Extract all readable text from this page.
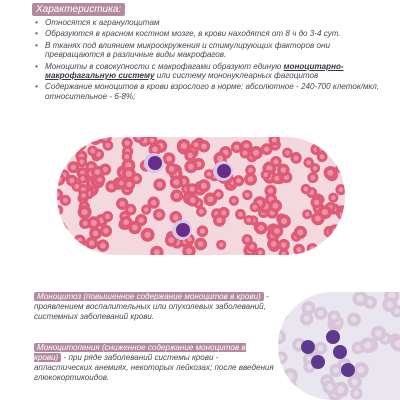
Характеристика:
• Относятся к агранулоцитам
• Образуются в красном костном мозге, в крови находятся от 8 ч до 3-4 сут.
• В тканях под влиянием микроокружения и стимулирующих факторов они превращаются в различные виды макрофагов.
• Моноциты в совокупности с макрофагами образуют единую моноцитарно-макрофагальную систему или систему мононуклеарных фагоцитов
• Содержание моноцитов в крови взрослого в норме: абсолютное - 240-700 клеток/мкл, относительное - 6-8%;
Моноцитоз (повышенное содержание моноцитов в крови) - проявлением воспалительных или опухолевых заболеваний, системных заболеваний крови.
Моноцитопения (сниженное содержание моноцитов в крови) - при ряде заболеваний системы крови - апластических анемиях, некоторых лейкозах; после введения глюкокортикоидов.
